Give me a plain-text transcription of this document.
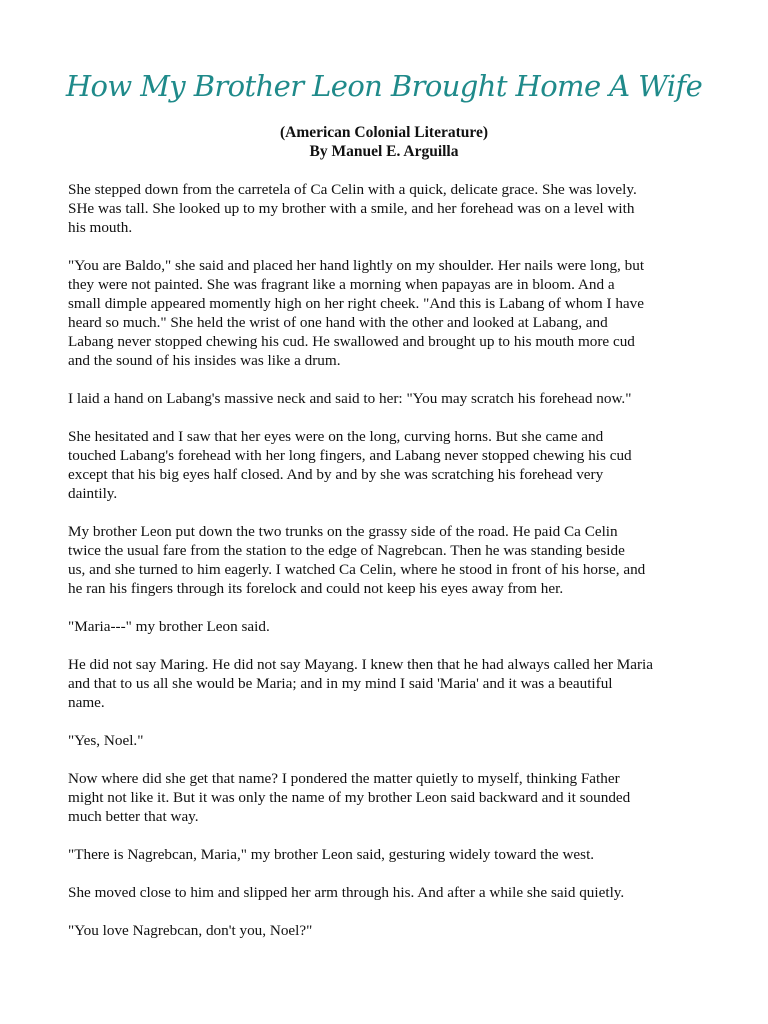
How My Brother Leon Brought Home A Wife
(American Colonial Literature)
By Manuel E. Arguilla

She stepped down from the carretela of Ca Celin with a quick, delicate grace. She was lovely.
SHe was tall. She looked up to my brother with a smile, and her forehead was on a level with
his mouth.

"You are Baldo," she said and placed her hand lightly on my shoulder. Her nails were long, but
they were not painted. She was fragrant like a morning when papayas are in bloom. And a
small dimple appeared momently high on her right cheek. "And this is Labang of whom I have
heard so much." She held the wrist of one hand with the other and looked at Labang, and
Labang never stopped chewing his cud. He swallowed and brought up to his mouth more cud
and the sound of his insides was like a drum.

I laid a hand on Labang's massive neck and said to her: "You may scratch his forehead now."

She hesitated and I saw that her eyes were on the long, curving horns. But she came and
touched Labang's forehead with her long fingers, and Labang never stopped chewing his cud
except that his big eyes half closed. And by and by she was scratching his forehead very
daintily.

My brother Leon put down the two trunks on the grassy side of the road. He paid Ca Celin
twice the usual fare from the station to the edge of Nagrebcan. Then he was standing beside
us, and she turned to him eagerly. I watched Ca Celin, where he stood in front of his horse, and
he ran his fingers through its forelock and could not keep his eyes away from her.

"Maria---" my brother Leon said.

He did not say Maring. He did not say Mayang. I knew then that he had always called her Maria
and that to us all she would be Maria; and in my mind I said 'Maria' and it was a beautiful
name.

"Yes, Noel."

Now where did she get that name? I pondered the matter quietly to myself, thinking Father
might not like it. But it was only the name of my brother Leon said backward and it sounded
much better that way.

"There is Nagrebcan, Maria," my brother Leon said, gesturing widely toward the west.

She moved close to him and slipped her arm through his. And after a while she said quietly.

"You love Nagrebcan, don't you, Noel?"
